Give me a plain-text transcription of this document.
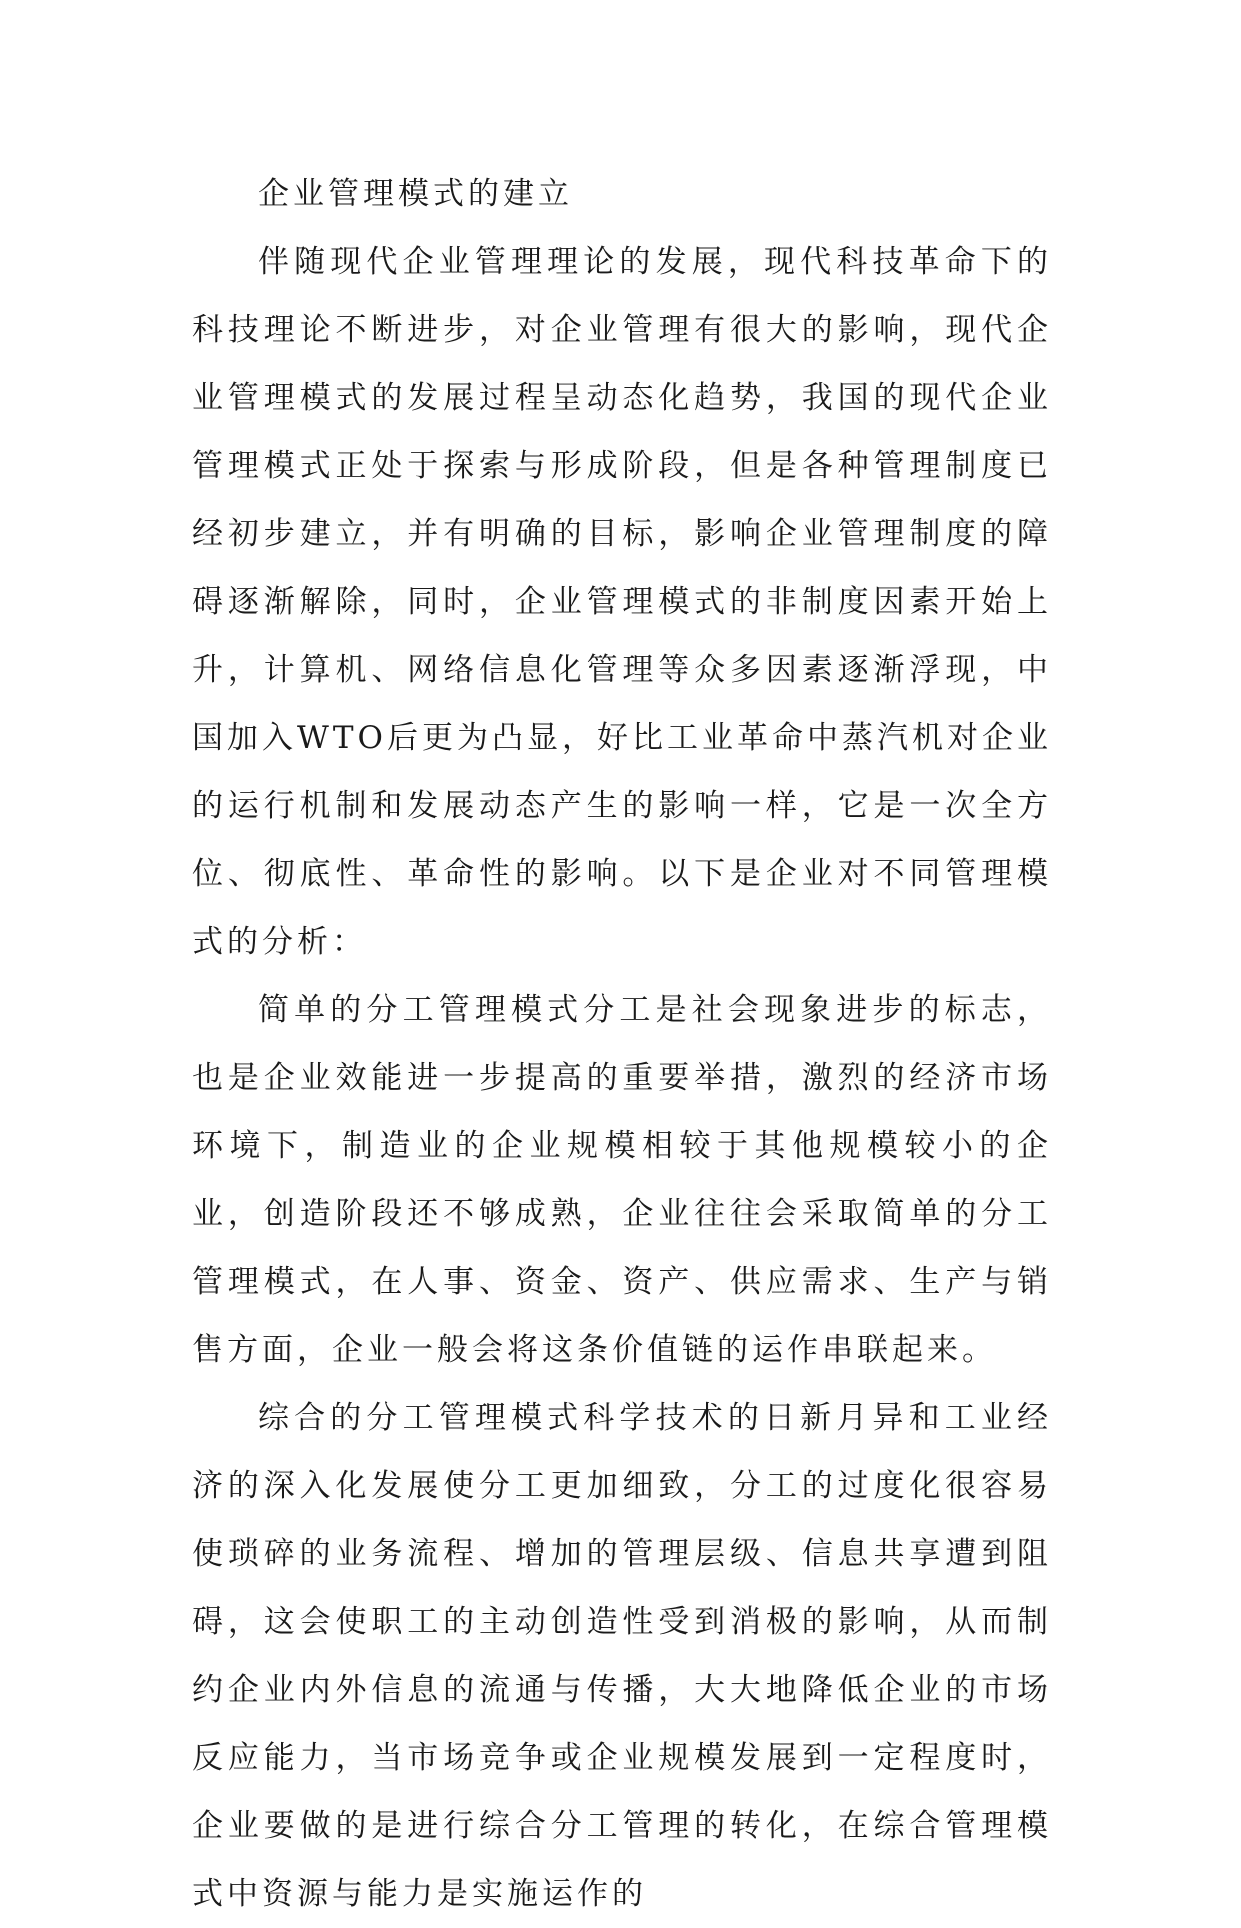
企业管理模式的建立

伴随现代企业管理理论的发展，现代科技革命下的科技理论不断进步，对企业管理有很大的影响，现代企业管理模式的发展过程呈动态化趋势，我国的现代企业管理模式正处于探索与形成阶段，但是各种管理制度已经初步建立，并有明确的目标，影响企业管理制度的障碍逐渐解除，同时，企业管理模式的非制度因素开始上升，计算机、网络信息化管理等众多因素逐渐浮现，中国加入WTO后更为凸显，好比工业革命中蒸汽机对企业的运行机制和发展动态产生的影响一样，它是一次全方位、彻底性、革命性的影响。以下是企业对不同管理模式的分析：

简单的分工管理模式分工是社会现象进步的标志，也是企业效能进一步提高的重要举措，激烈的经济市场环境下，制造业的企业规模相较于其他规模较小的企业，创造阶段还不够成熟，企业往往会采取简单的分工管理模式，在人事、资金、资产、供应需求、生产与销售方面，企业一般会将这条价值链的运作串联起来。

综合的分工管理模式科学技术的日新月异和工业经济的深入化发展使分工更加细致，分工的过度化很容易使琐碎的业务流程、增加的管理层级、信息共享遭到阻碍，这会使职工的主动创造性受到消极的影响，从而制约企业内外信息的流通与传播，大大地降低企业的市场反应能力，当市场竞争或企业规模发展到一定程度时，企业要做的是进行综合分工管理的转化，在综合管理模式中资源与能力是实施运作的
